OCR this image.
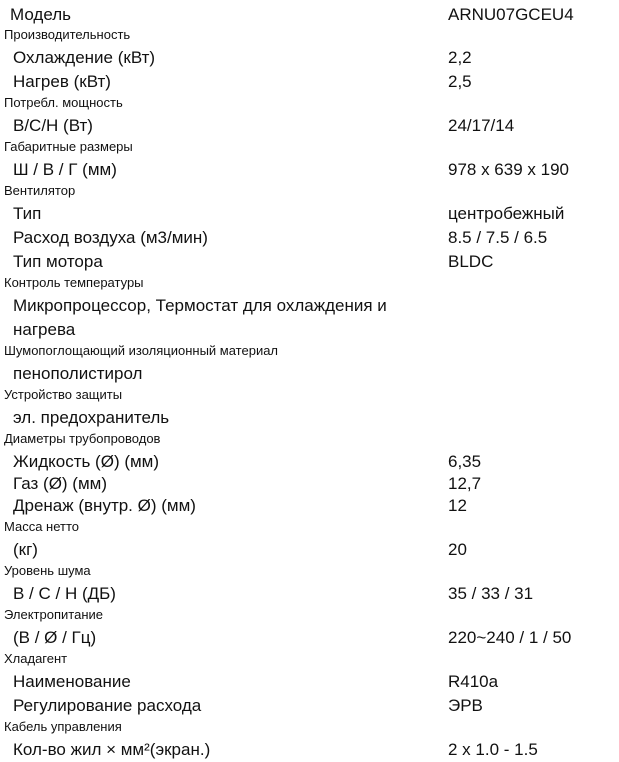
Модель	ARNU07GCEU4
Производительность
Охлаждение (кВт)	2,2
Нагрев (кВт)	2,5
Потребл. мощность
В/С/Н (Вт)	24/17/14
Габаритные размеры
Ш / В / Г (мм)	978 x 639 x 190
Вентилятор
Тип	центробежный
Расход воздуха (м3/мин)	8.5 / 7.5 / 6.5
Тип мотора	BLDC
Контроль температуры
Микропроцессор, Термостат для охлаждения и
нагрева
Шумопоглощающий изоляционный материал
пенополистирол
Устройство защиты
эл. предохранитель
Диаметры трубопроводов
Жидкость (Ø) (мм)	6,35
Газ (Ø) (мм)	12,7
Дренаж (внутр. Ø) (мм)	12
Масса нетто
(кг)	20
Уровень шума
В / С / Н (ДБ)	35 / 33 / 31
Электропитание
(В / Ø / Гц)	220~240 / 1 / 50
Хладагент
Наименование	R410a
Регулирование расхода	ЭРВ
Кабель управления
Кол-во жил × мм²(экран.)	2 x 1.0 - 1.5
